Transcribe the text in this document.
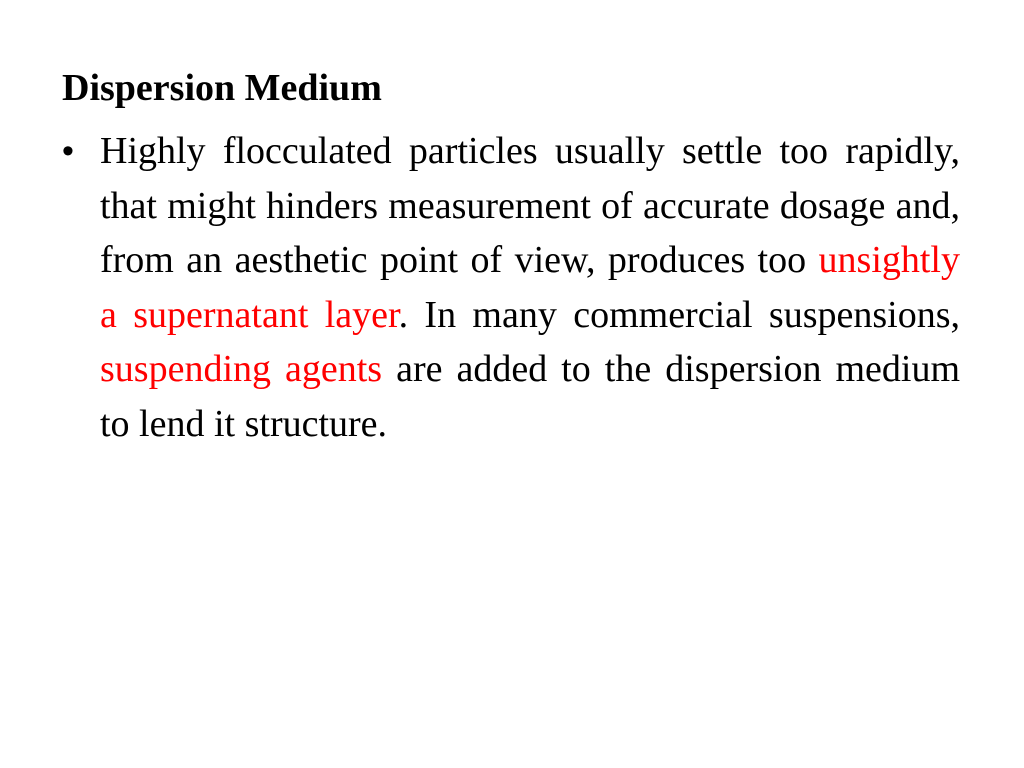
Dispersion Medium
• Highly flocculated particles usually settle too rapidly, that might hinders measurement of accurate dosage and, from an aesthetic point of view, produces too unsightly a supernatant layer. In many commercial suspensions, suspending agents are added to the dispersion medium to lend it structure.
